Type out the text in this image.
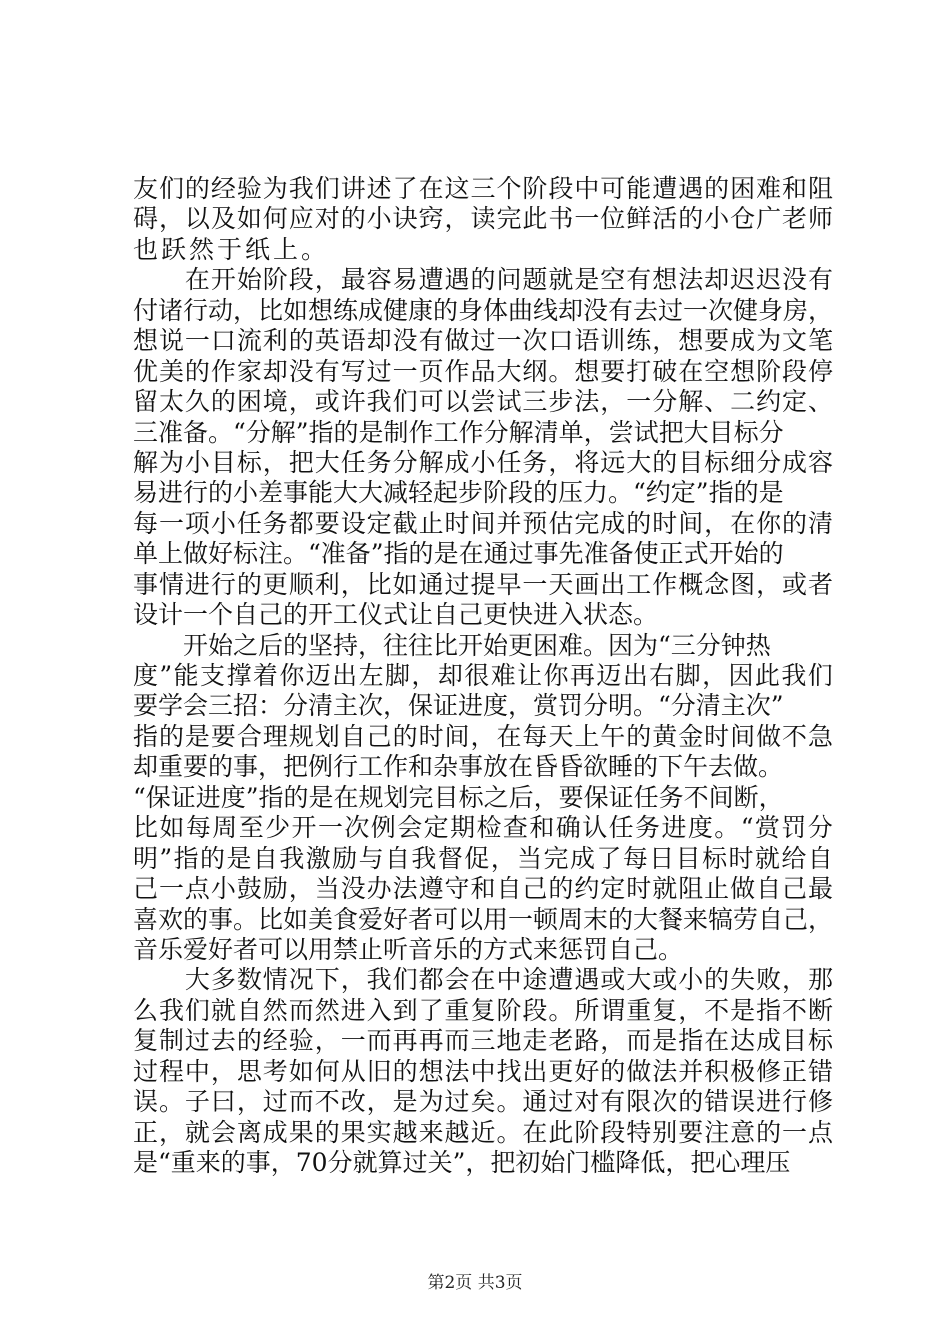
友们的经验为我们讲述了在这三个阶段中可能遭遇的困难和阻
碍，以及如何应对的小诀窍，读完此书一位鲜活的小仓广老师
也跃然于纸上。
　　在开始阶段，最容易遭遇的问题就是空有想法却迟迟没有
付诸行动，比如想练成健康的身体曲线却没有去过一次健身房，
想说一口流利的英语却没有做过一次口语训练，想要成为文笔
优美的作家却没有写过一页作品大纲。想要打破在空想阶段停
留太久的困境，或许我们可以尝试三步法，一分解、二约定、
三准备。“分解”指的是制作工作分解清单，尝试把大目标分
解为小目标，把大任务分解成小任务，将远大的目标细分成容
易进行的小差事能大大减轻起步阶段的压力。“约定”指的是
每一项小任务都要设定截止时间并预估完成的时间，在你的清
单上做好标注。“准备”指的是在通过事先准备使正式开始的
事情进行的更顺利，比如通过提早一天画出工作概念图，或者
设计一个自己的开工仪式让自己更快进入状态。
　　开始之后的坚持，往往比开始更困难。因为“三分钟热
度”能支撑着你迈出左脚，却很难让你再迈出右脚，因此我们
要学会三招：分清主次，保证进度，赏罚分明。“分清主次”
指的是要合理规划自己的时间，在每天上午的黄金时间做不急
却重要的事，把例行工作和杂事放在昏昏欲睡的下午去做。
“保证进度”指的是在规划完目标之后，要保证任务不间断，
比如每周至少开一次例会定期检查和确认任务进度。“赏罚分
明”指的是自我激励与自我督促，当完成了每日目标时就给自
己一点小鼓励，当没办法遵守和自己的约定时就阻止做自己最
喜欢的事。比如美食爱好者可以用一顿周末的大餐来犒劳自己，
音乐爱好者可以用禁止听音乐的方式来惩罚自己。
　　大多数情况下，我们都会在中途遭遇或大或小的失败，那
么我们就自然而然进入到了重复阶段。所谓重复，不是指不断
复制过去的经验，一而再再而三地走老路，而是指在达成目标
过程中，思考如何从旧的想法中找出更好的做法并积极修正错
误。子曰，过而不改，是为过矣。通过对有限次的错误进行修
正，就会离成果的果实越来越近。在此阶段特别要注意的一点
是“重来的事，70分就算过关”，把初始门槛降低，把心理压
第2页 共3页
